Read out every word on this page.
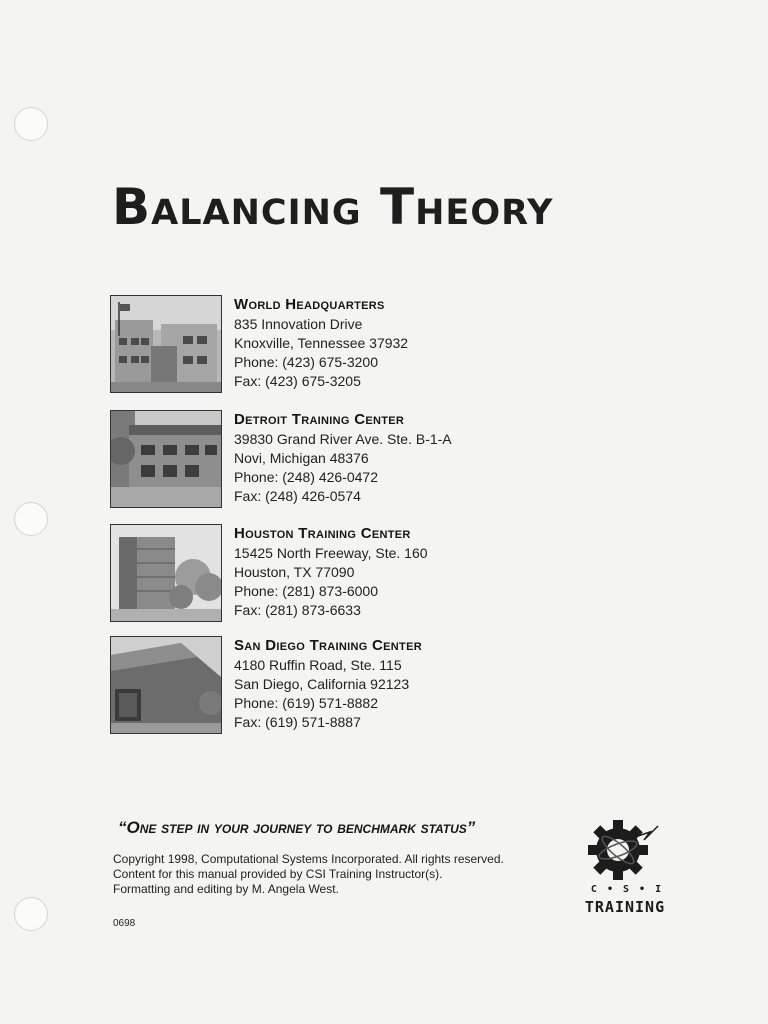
Balancing Theory
World Headquarters
835 Innovation Drive
Knoxville, Tennessee 37932
Phone: (423) 675-3200
Fax: (423) 675-3205
Detroit Training Center
39830 Grand River Ave. Ste. B-1-A
Novi, Michigan 48376
Phone: (248) 426-0472
Fax: (248) 426-0574
Houston Training Center
15425 North Freeway, Ste. 160
Houston, TX 77090
Phone: (281) 873-6000
Fax: (281) 873-6633
San Diego Training Center
4180 Ruffin Road, Ste. 115
San Diego, California 92123
Phone: (619) 571-8882
Fax: (619) 571-8887

“One step in your journey to benchmark status”

Copyright 1998, Computational Systems Incorporated. All rights reserved.
Content for this manual provided by CSI Training Instructor(s).
Formatting and editing by M. Angela West.
0698
C • S • I
TRAINING
